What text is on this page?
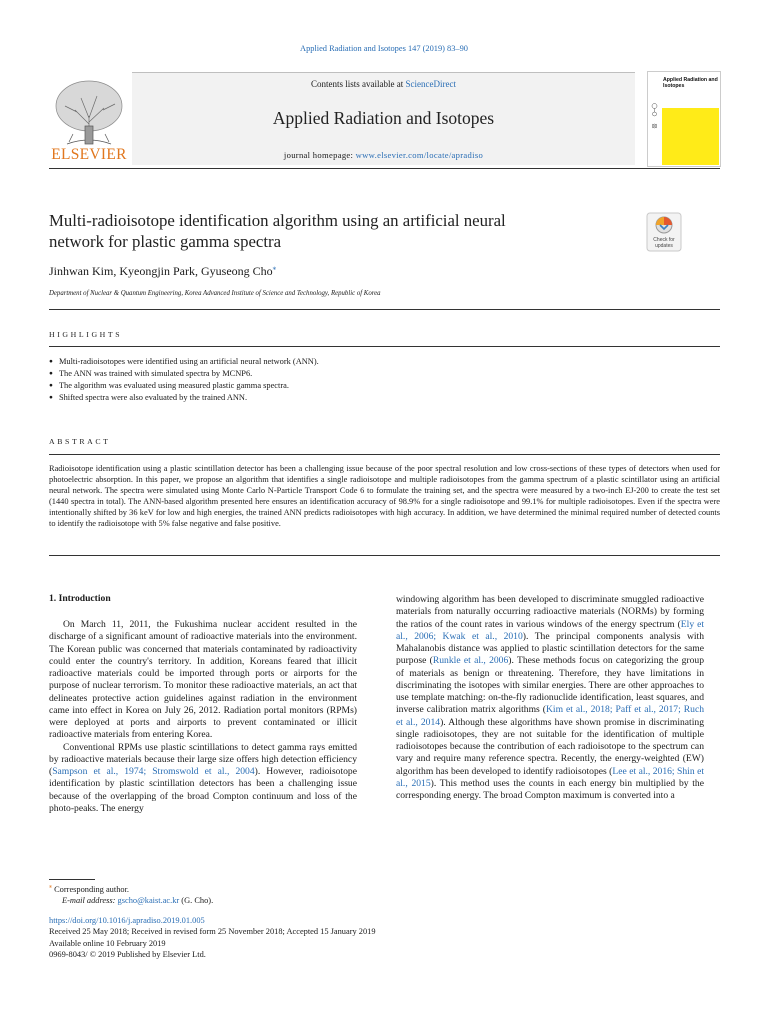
Applied Radiation and Isotopes 147 (2019) 83–90
ELSEVIER
Contents lists available at ScienceDirect
Applied Radiation and Isotopes
journal homepage: www.elsevier.com/locate/apradiso
Applied Radiation and
Isotopes
Multi-radioisotope identification algorithm using an artificial neural
network for plastic gamma spectra	Check for
updates
Jinhwan Kim, Kyeongjin Park, Gyuseong Cho⁎
Department of Nuclear & Quantum Engineering, Korea Advanced Institute of Science and Technology, Republic of Korea
HIGHLIGHTS
● Multi-radioisotopes were identified using an artificial neural network (ANN).
● The ANN was trained with simulated spectra by MCNP6.
● The algorithm was evaluated using measured plastic gamma spectra.
● Shifted spectra were also evaluated by the trained ANN.
ABSTRACT
Radioisotope identification using a plastic scintillation detector has been a challenging issue because of the poor spectral resolution and low cross-sections of these types of detectors when used for photoelectric absorption. In this paper, we propose an algorithm that identifies a single radioisotope and multiple radioisotopes from the gamma spectrum of a plastic scintillator using an artificial neural network. The spectra were simulated using Monte Carlo N-Particle Transport Code 6 to formulate the training set, and the spectra were measured by a two-inch EJ-200 to create the test set (1440 spectra in total). The ANN-based algorithm presented here ensures an identification accuracy of 98.9% for a single radioisotope and 99.1% for multiple radioisotopes. Even if the spectra were intentionally shifted by 36 keV for low and high energies, the trained ANN predicts radioisotopes with high accuracy. In addition, we have determined the minimal required number of detected counts to identify the radioisotope with 5% false negative and false positive.
1. Introduction

On March 11, 2011, the Fukushima nuclear accident resulted in the discharge of a significant amount of radioactive materials into the environment. The Korean public was concerned that materials contaminated by radioactivity could enter the country's territory. In addition, Koreans feared that illicit radioactive materials could be imported through ports or airports for the purpose of nuclear terrorism. To monitor these radioactive materials, an act that delineates protective action guidelines against radiation in the environment came into effect in Korea on July 26, 2012. Radiation portal monitors (RPMs) were deployed at ports and airports to prevent contaminated or illicit radioactive materials from entering Korea.

Conventional RPMs use plastic scintillations to detect gamma rays emitted by radioactive materials because their large size offers high detection efficiency (Sampson et al., 1974; Stromswold et al., 2004). However, radioisotope identification by plastic scintillation detectors has been a challenging issue because of the overlapping of the broad Compton continuum and loss of the photo-peaks. The energy

windowing algorithm has been developed to discriminate smuggled radioactive materials from naturally occurring radioactive materials (NORMs) by forming the ratios of the count rates in various windows of the energy spectrum (Ely et al., 2006; Kwak et al., 2010). The principal components analysis with Mahalanobis distance was applied to plastic scintillation detectors for the same purpose (Runkle et al., 2006). These methods focus on categorizing the group of materials as benign or threatening. Therefore, they have limitations in discriminating the isotopes with similar energies. There are other approaches to use template matching: on-the-fly radionuclide identification, least squares, and inverse calibration matrix algorithms (Kim et al., 2018; Paff et al., 2017; Ruch et al., 2014). Although these algorithms have shown promise in discriminating single radioisotopes, they are not suitable for the identification of multiple radioisotopes because the contribution of each radioisotope to the spectrum can vary and require many reference spectra. Recently, the energy-weighted (EW) algorithm has been developed to identify radioisotopes (Lee et al., 2016; Shin et al., 2015). This method uses the counts in each energy bin multiplied by the corresponding energy. The broad Compton maximum is converted into a

⁎ Corresponding author.
E-mail address: gscho@kaist.ac.kr (G. Cho).
https://doi.org/10.1016/j.apradiso.2019.01.005
Received 25 May 2018; Received in revised form 25 November 2018; Accepted 15 January 2019
Available online 10 February 2019
0969-8043/ © 2019 Published by Elsevier Ltd.
